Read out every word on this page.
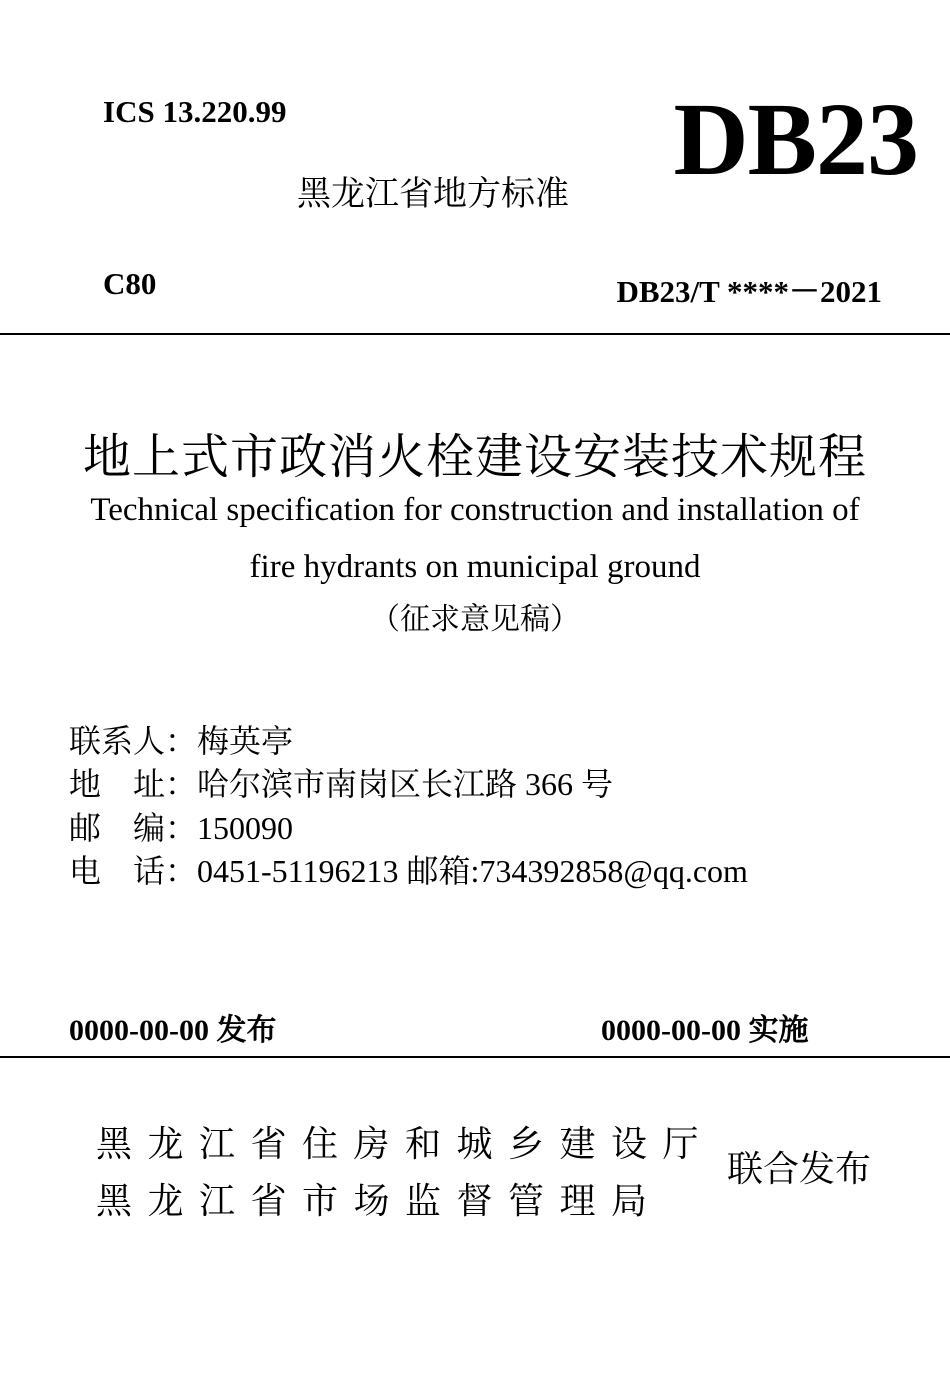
ICS 13.220.99
黑龙江省地方标准 DB23
C80	DB23/T ****－2021
地上式市政消火栓建设安装技术规程
Technical specification for construction and installation of
fire hydrants on municipal ground
（征求意见稿）
联系人：梅英亭
地　址：哈尔滨市南岗区长江路 366 号
邮　编：150090
电　话：0451-51196213 邮箱:734392858@qq.com
0000-00-00 发布	0000-00-00 实施
黑龙江省住房和城乡建设厅
黑龙江省市场监督管理局
联合发布
